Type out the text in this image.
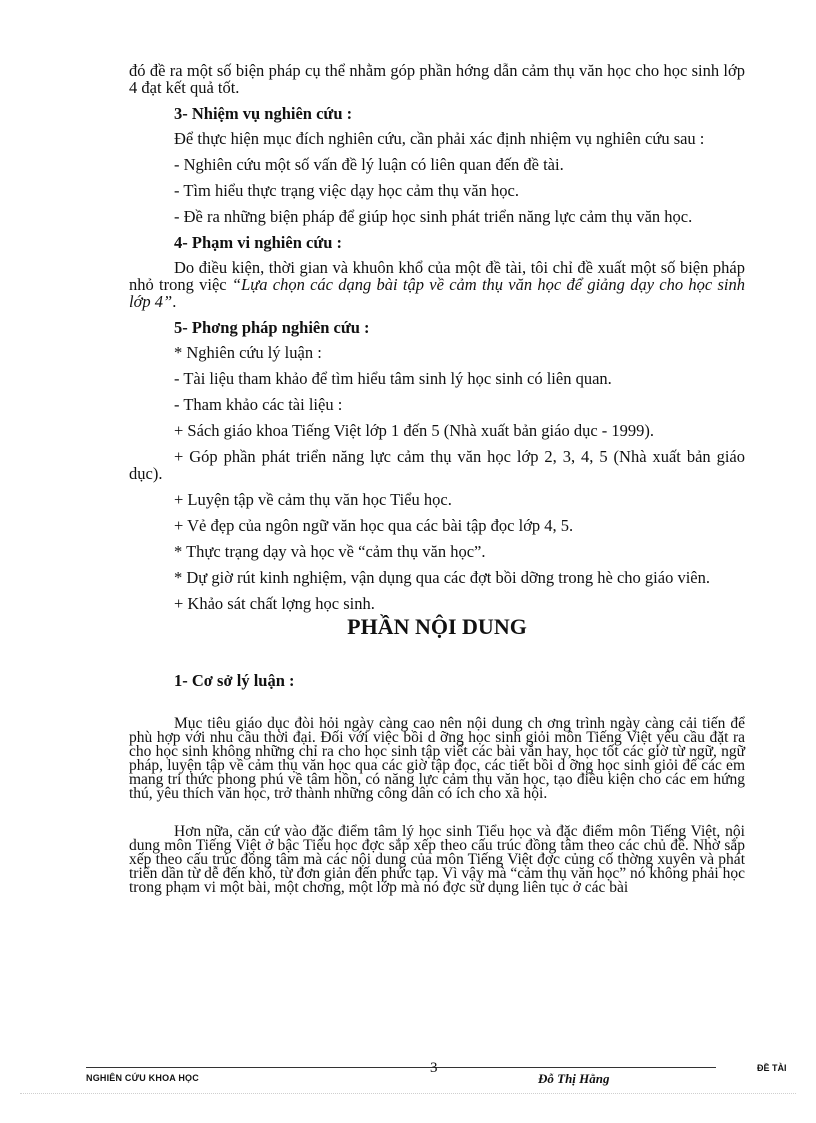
đó đề ra một số biện pháp cụ thể nhằm góp phần hớng dẫn cảm thụ văn học cho học sinh lớp 4 đạt kết quả tốt.

3- Nhiệm vụ nghiên cứu :

Để thực hiện mục đích nghiên cứu, cần phải xác định nhiệm vụ nghiên cứu sau :

- Nghiên cứu một số vấn đề lý luận có liên quan đến đề tài.

- Tìm hiểu thực trạng việc dạy học cảm thụ văn học.

- Đề ra những biện pháp để giúp học sinh phát triển năng lực cảm thụ văn học.

4- Phạm vi nghiên cứu :

Do điều kiện, thời gian và khuôn khổ của một đề tài, tôi chỉ đề xuất một số biện pháp nhỏ trong việc “Lựa chọn các dạng bài tập về cảm thụ văn học để giảng dạy cho học sinh lớp 4”.

5- Phơng pháp nghiên cứu :

* Nghiên cứu lý luận :

- Tài liệu tham khảo để tìm hiểu tâm sinh lý học sinh có liên quan.

- Tham khảo các tài liệu :

+ Sách giáo khoa Tiếng Việt lớp 1 đến 5 (Nhà xuất bản giáo dục - 1999).

+ Góp phần phát triển năng lực cảm thụ văn học lớp 2, 3, 4, 5 (Nhà xuất bản giáo dục).

+ Luyện tập về cảm thụ văn học Tiểu học.

+ Vẻ đẹp của ngôn ngữ văn học qua các bài tập đọc lớp 4, 5.

* Thực trạng dạy và học về “cảm thụ văn học”.

* Dự giờ rút kinh nghiệm, vận dụng qua các đợt bồi dỡng trong hè cho giáo viên.

+ Khảo sát chất lợng học sinh.

PHẦN NỘI DUNG
1- Cơ sở lý luận :

Mục tiêu giáo dục đòi hỏi ngày càng cao nên nội dung ch ơng trình ngày càng cải tiến để phù hợp với nhu cầu thời đại. Đối với việc bồi d ỡng học sinh giỏi môn Tiếng Việt yêu cầu đặt ra cho học sinh không những chỉ ra cho học sinh tập viết các bài văn hay, học tốt các giờ từ ngữ, ngữ pháp, luyện tập về cảm thụ văn học qua các giờ tập đọc, các tiết bồi d ỡng học sinh giỏi để các em mang tri thức phong phú về tâm hồn, có năng lực cảm thụ văn học, tạo điều kiện cho các em hứng thú, yêu thích văn học, trở thành những công dân có ích cho xã hội.

Hơn nữa, căn cứ vào đặc điểm tâm lý học sinh Tiểu học và đặc điểm môn Tiếng Việt, nội dung môn Tiếng Việt ở bậc Tiểu học đợc sắp xếp theo cấu trúc đồng tâm theo các chủ đề. Nhờ sắp xếp theo cấu trúc đồng tâm mà các nội dung của môn Tiếng Việt đợc củng cố thờng xuyên và phát triển dần từ dễ đến khó, từ đơn giản đến phức tạp. Vì vậy mà “cảm thụ văn học” nó không phải học trong phạm vi một bài, một chơng, một lớp mà nó đợc sử dụng liên tục ở các bài

NGHIÊN CỨU KHOA HỌC
3
Đỗ Thị Hằng
ĐỀ TÀI
